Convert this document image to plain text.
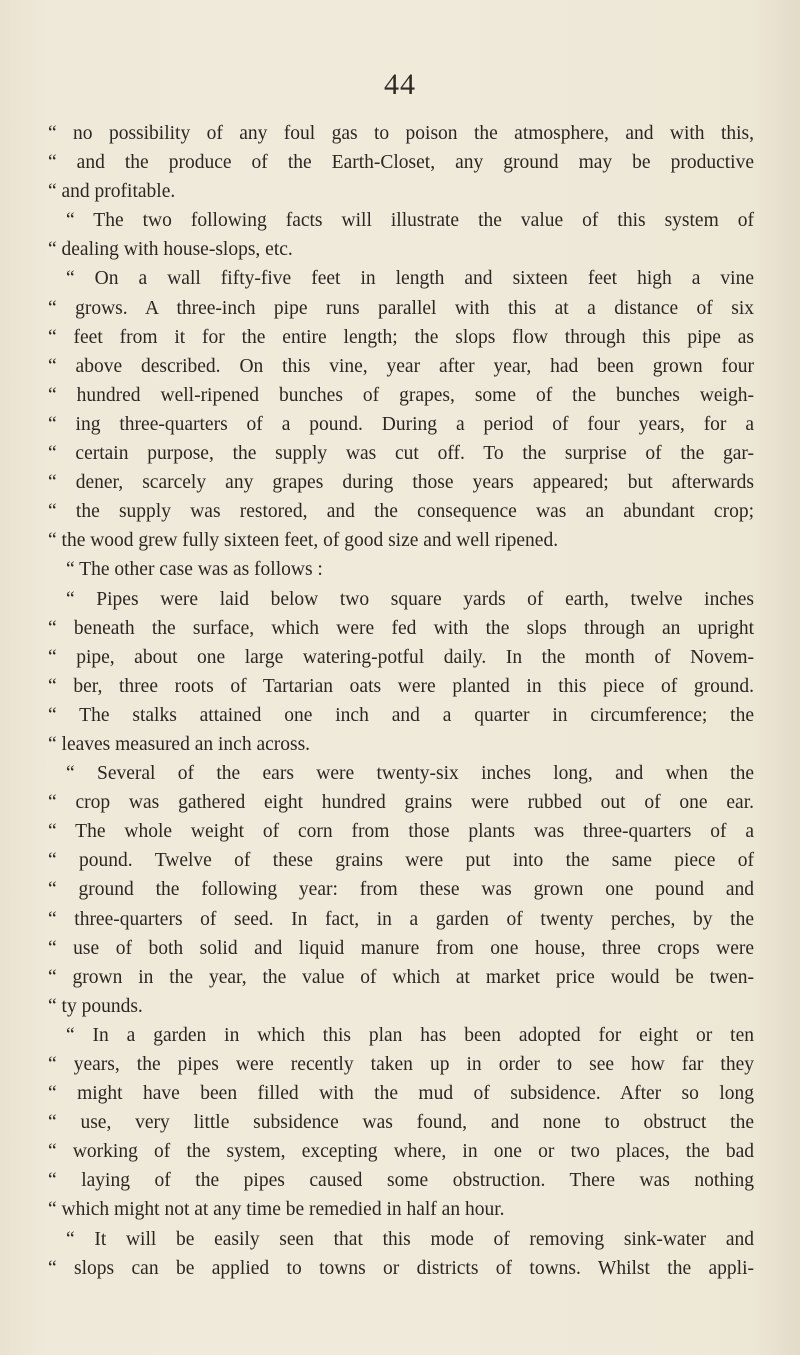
44
“ no possibility of any foul gas to poison the atmosphere, and with this,
“ and the produce of the Earth-Closet, any ground may be productive
“ and profitable.
“ The two following facts will illustrate the value of this system of
“ dealing with house-slops, etc.
“ On a wall fifty-five feet in length and sixteen feet high a vine
“ grows. A three-inch pipe runs parallel with this at a distance of six
“ feet from it for the entire length; the slops flow through this pipe as
“ above described. On this vine, year after year, had been grown four
“ hundred well-ripened bunches of grapes, some of the bunches weigh-
“ ing three-quarters of a pound. During a period of four years, for a
“ certain purpose, the supply was cut off. To the surprise of the gar-
“ dener, scarcely any grapes during those years appeared; but afterwards
“ the supply was restored, and the consequence was an abundant crop;
“ the wood grew fully sixteen feet, of good size and well ripened.
“ The other case was as follows :
“ Pipes were laid below two square yards of earth, twelve inches
“ beneath the surface, which were fed with the slops through an upright
“ pipe, about one large watering-potful daily. In the month of Novem-
“ ber, three roots of Tartarian oats were planted in this piece of ground.
“ The stalks attained one inch and a quarter in circumference; the
“ leaves measured an inch across.
“ Several of the ears were twenty-six inches long, and when the
“ crop was gathered eight hundred grains were rubbed out of one ear.
“ The whole weight of corn from those plants was three-quarters of a
“ pound. Twelve of these grains were put into the same piece of
“ ground the following year: from these was grown one pound and
“ three-quarters of seed. In fact, in a garden of twenty perches, by the
“ use of both solid and liquid manure from one house, three crops were
“ grown in the year, the value of which at market price would be twen-
“ ty pounds.
“ In a garden in which this plan has been adopted for eight or ten
“ years, the pipes were recently taken up in order to see how far they
“ might have been filled with the mud of subsidence. After so long
“ use, very little subsidence was found, and none to obstruct the
“ working of the system, excepting where, in one or two places, the bad
“ laying of the pipes caused some obstruction. There was nothing
“ which might not at any time be remedied in half an hour.
“ It will be easily seen that this mode of removing sink-water and
“ slops can be applied to towns or districts of towns. Whilst the appli-
